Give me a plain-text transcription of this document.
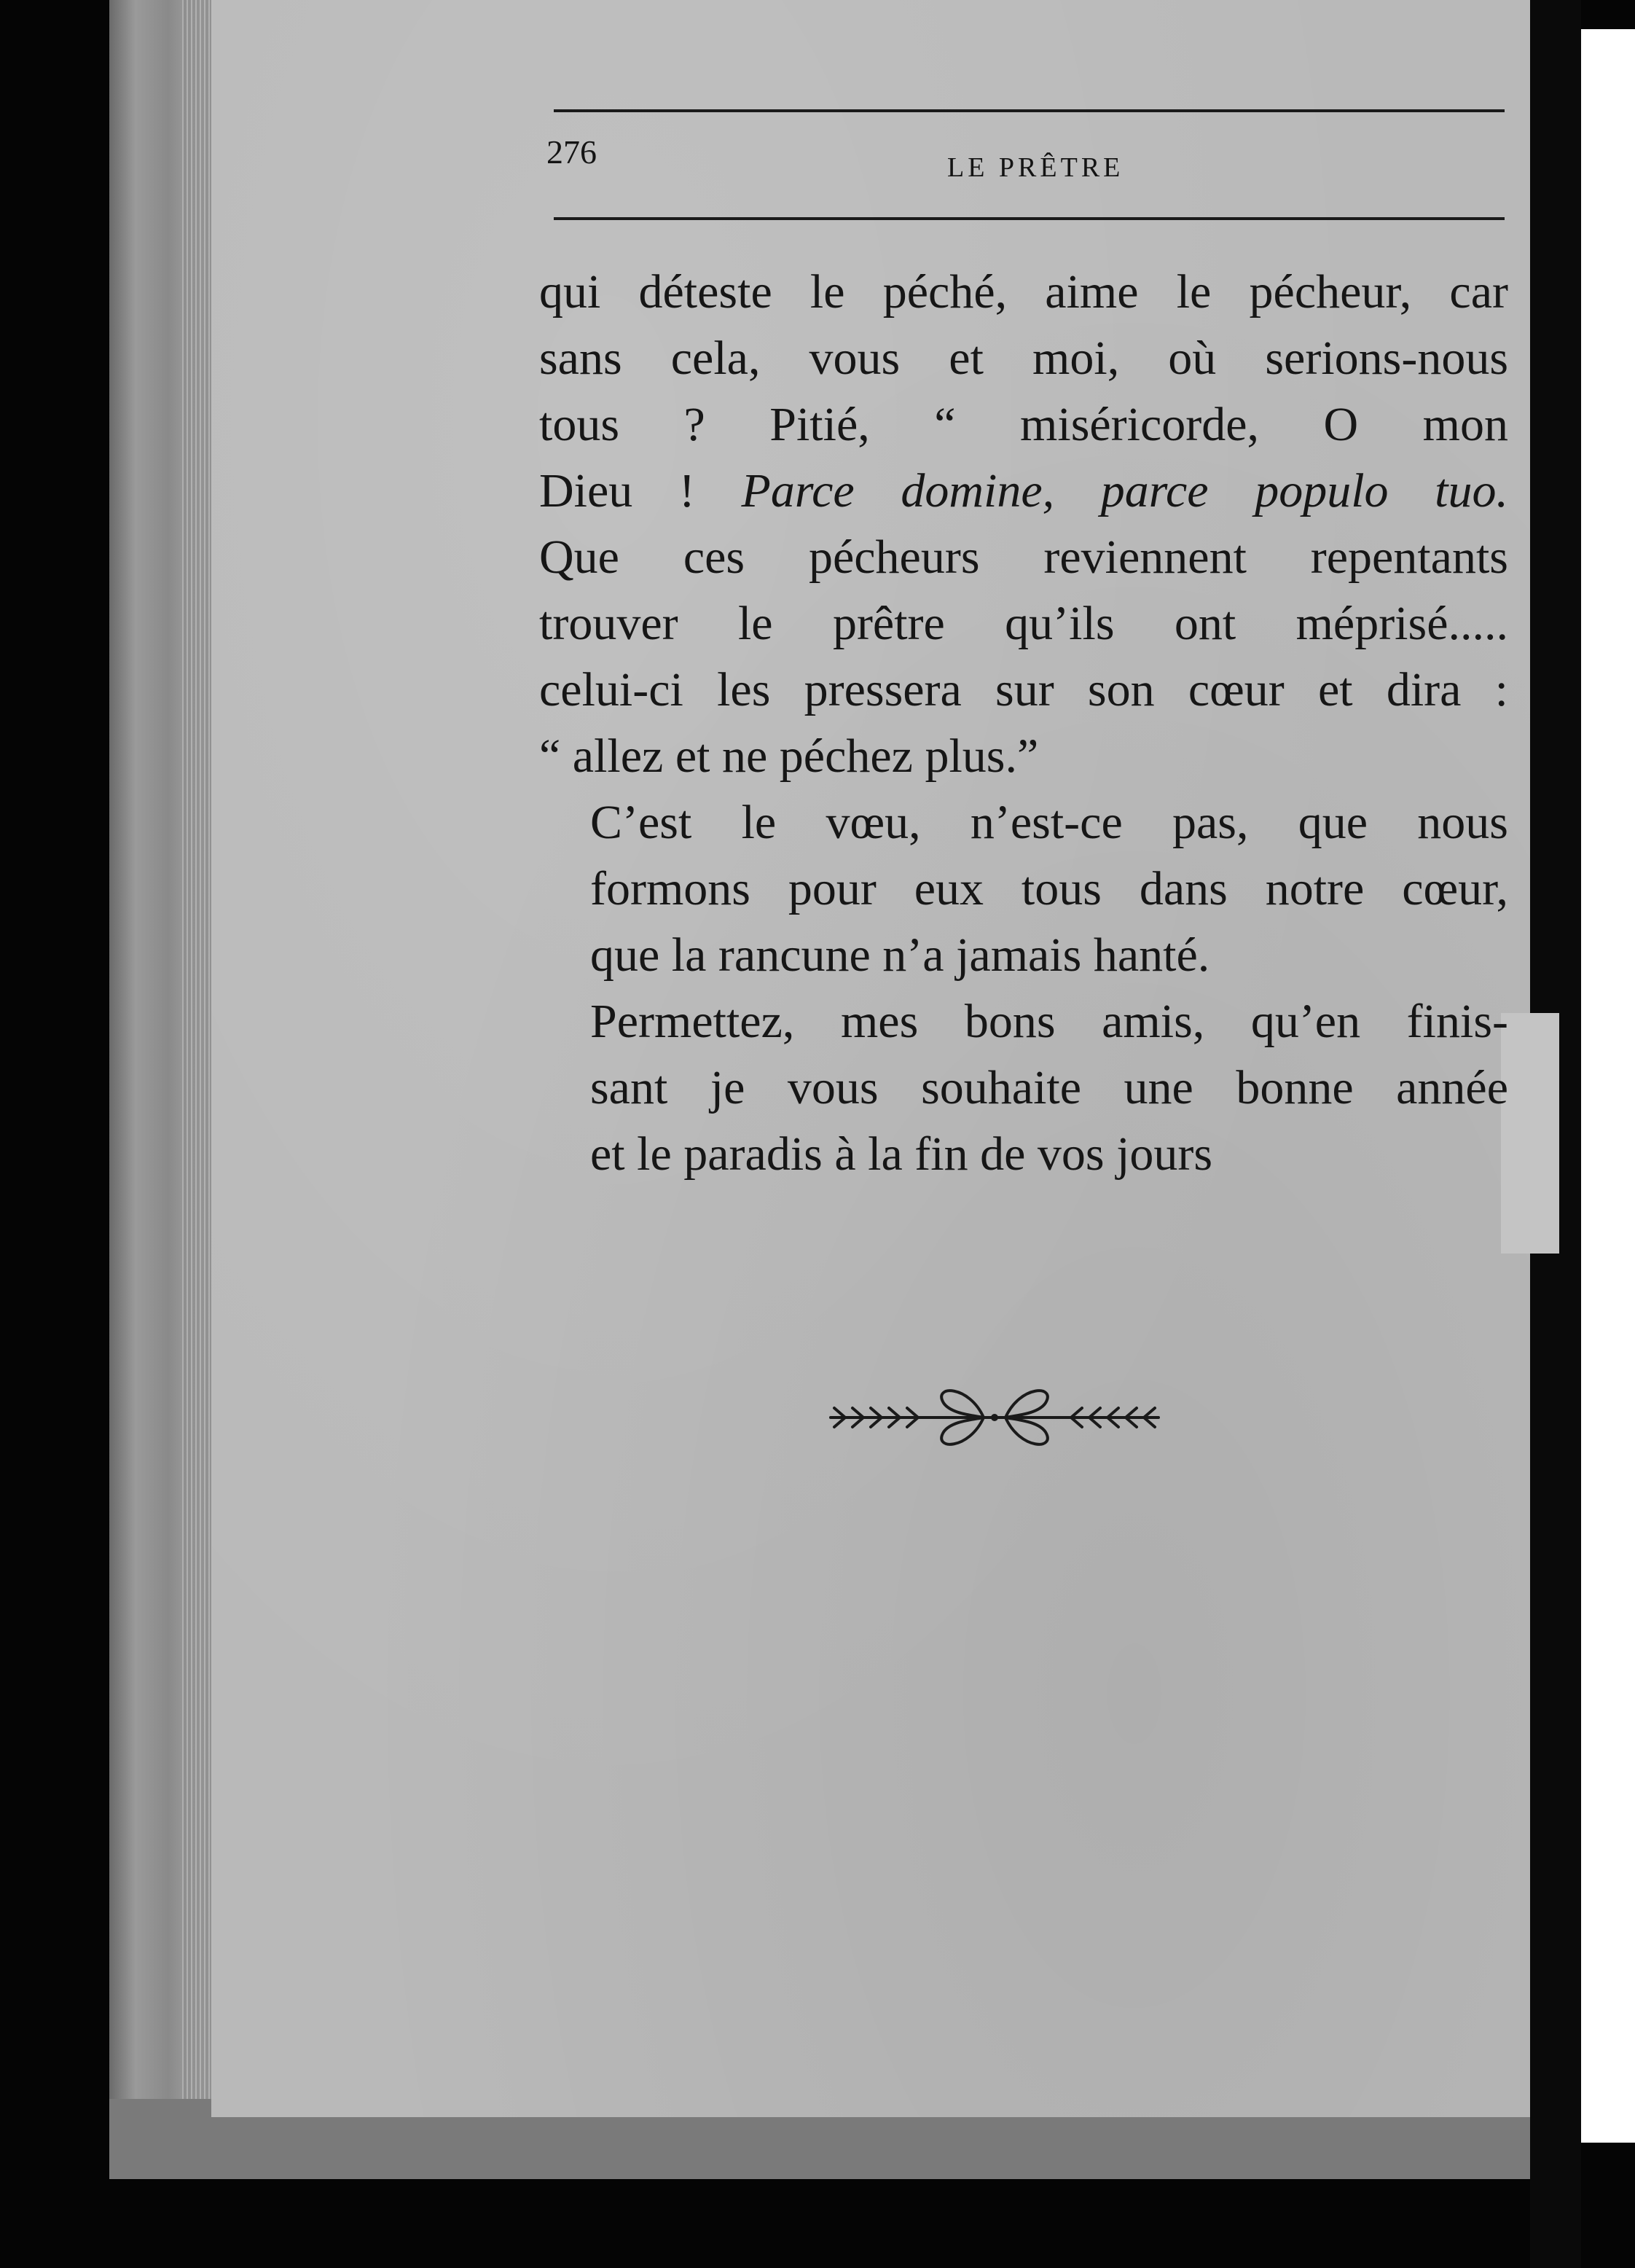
276	LE PRÊTRE
qui déteste le péché, aime le pécheur, car
sans cela, vous et moi, où serions-nous
tous ? Pitié, “ miséricorde, O mon
Dieu ! Parce domine, parce populo tuo.
Que ces pécheurs reviennent repentants
trouver le prêtre qu’ils ont méprisé.....
celui-ci les pressera sur son cœur et dira :
“ allez et ne péchez plus.”
C’est le vœu, n’est-ce pas, que nous
formons pour eux tous dans notre cœur,
que la rancune n’a jamais hanté.
Permettez, mes bons amis, qu’en finis-
sant je vous souhaite une bonne année
et le paradis à la fin de vos jours
